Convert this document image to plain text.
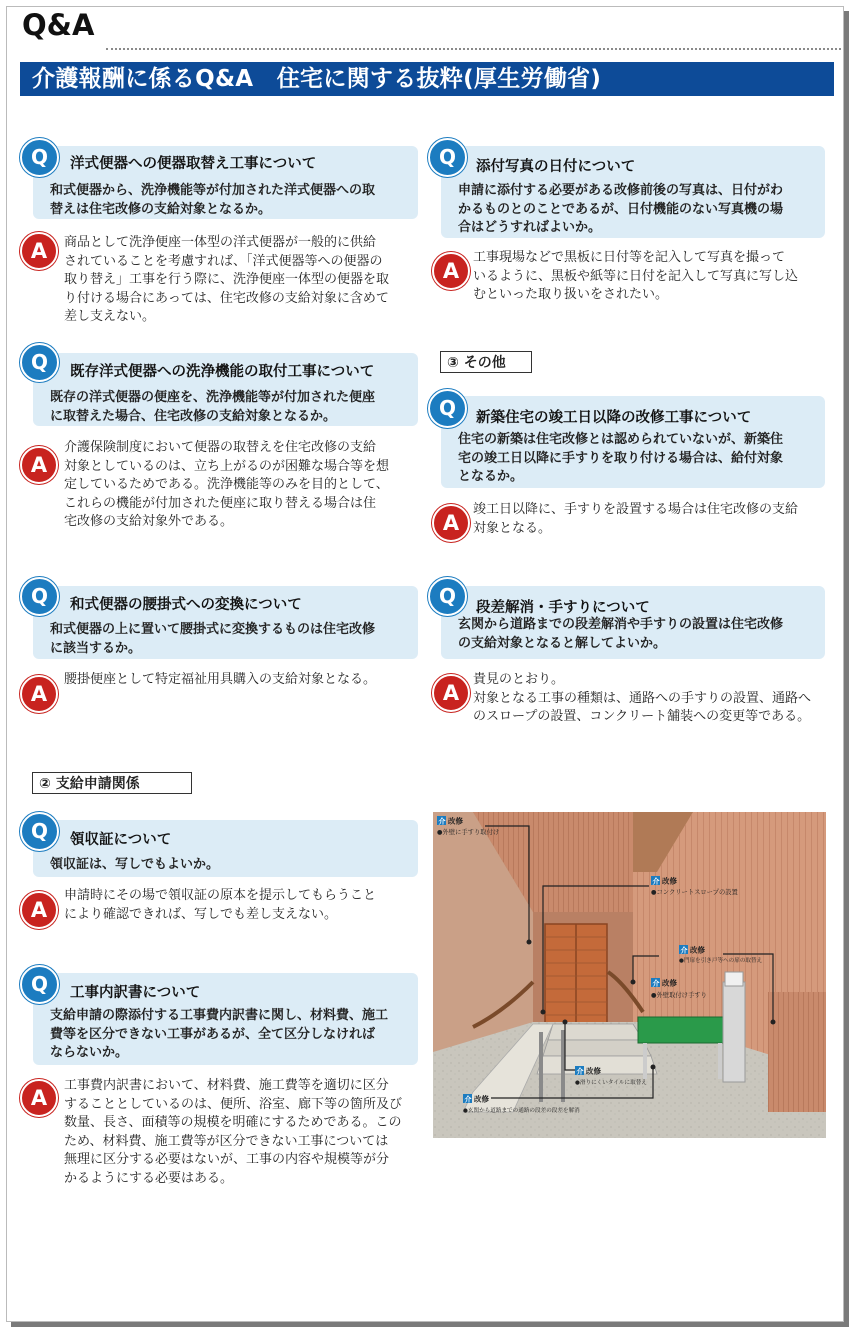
Q&A
介護報酬に係るQ&A　住宅に関する抜粋(厚生労働省)
Q	洋式便器への便器取替え工事について
和式便器から、洗浄機能等が付加された洋式便器への取
替えは住宅改修の支給対象となるか。
A	商品として洗浄便座一体型の洋式便器が一般的に供給
されていることを考慮すれば、「洋式便器等への便器の
取り替え」工事を行う際に、洗浄便座一体型の便器を取
り付ける場合にあっては、住宅改修の支給対象に含めて
差し支えない。
Q	既存洋式便器への洗浄機能の取付工事について
既存の洋式便器の便座を、洗浄機能等が付加された便座
に取替えた場合、住宅改修の支給対象となるか。
A
介護保険制度において便器の取替えを住宅改修の支給
対象としているのは、立ち上がるのが困難な場合等を想
定しているためである。洗浄機能等のみを目的として、
これらの機能が付加された便座に取り替える場合は住
宅改修の支給対象外である。
Q	和式便器の腰掛式への変換について
和式便器の上に置いて腰掛式に変換するものは住宅改修
に該当するか。
A
腰掛便座として特定福祉用具購入の支給対象となる。
Q	領収証について
領収証は、写しでもよいか。
A
申請時にその場で領収証の原本を提示してもらうこと
により確認できれば、写しでも差し支えない。
Q	工事内訳書について
支給申請の際添付する工事費内訳書に関し、材料費、施工
費等を区分できない工事があるが、全て区分しなければ
ならないか。
A
工事費内訳書において、材料費、施工費等を適切に区分
することとしているのは、便所、浴室、廊下等の箇所及び
数量、長さ、面積等の規模を明確にするためである。この
ため、材料費、施工費等が区分できない工事については
無理に区分する必要はないが、工事の内容や規模等が分
かるようにする必要はある。
Q	添付写真の日付について
申請に添付する必要がある改修前後の写真は、日付がわ
かるものとのことであるが、日付機能のない写真機の場
合はどうすればよいか。
A
工事現場などで黒板に日付等を記入して写真を撮って
いるように、黒板や紙等に日付を記入して写真に写し込
むといった取り扱いをされたい。
Q	新築住宅の竣工日以降の改修工事について
住宅の新築は住宅改修とは認められていないが、新築住
宅の竣工日以降に手すりを取り付ける場合は、給付対象
となるか。
A
竣工日以降に、手すりを設置する場合は住宅改修の支給
対象となる。
Q	段差解消・手すりについて
玄関から道路までの段差解消や手すりの設置は住宅改修
の支給対象となると解してよいか。
A
貴見のとおり。
対象となる工事の種類は、通路への手すりの設置、通路へ
のスロープの設置、コンクリート舗装への変更等である。
② 支給申請関係
③ その他
介 改修
●外壁に手すり取付け
介 改修
●コンクリートスロープの設置
介 改修
●門扉を引き戸等への扉の取替え
介 改修
●外壁取付け手すり
介 改修
●滑りにくいタイルに取替え
介 改修
●玄関から道路までの通路の段差の段差を解消
